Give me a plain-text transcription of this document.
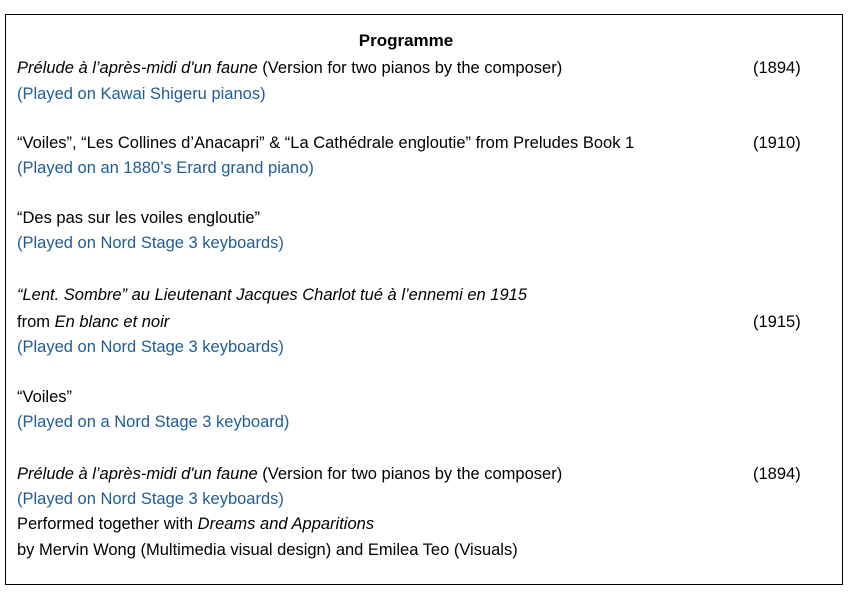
Programme
Prélude à l’après-midi d'un faune (Version for two pianos by the composer)	(1894)
(Played on Kawai Shigeru pianos)
“Voiles”, “Les Collines d’Anacapri” & “La Cathédrale engloutie” from Preludes Book 1	(1910)
(Played on an 1880’s Erard grand piano)
“Des pas sur les voiles engloutie”
(Played on Nord Stage 3 keyboards)
“Lent. Sombre” au Lieutenant Jacques Charlot tué à l’ennemi en 1915
from En blanc et noir	(1915)
(Played on Nord Stage 3 keyboards)
“Voiles”
(Played on a Nord Stage 3 keyboard)
Prélude à l’après-midi d'un faune (Version for two pianos by the composer)	(1894)
(Played on Nord Stage 3 keyboards)
Performed together with Dreams and Apparitions
by Mervin Wong (Multimedia visual design) and Emilea Teo (Visuals)
